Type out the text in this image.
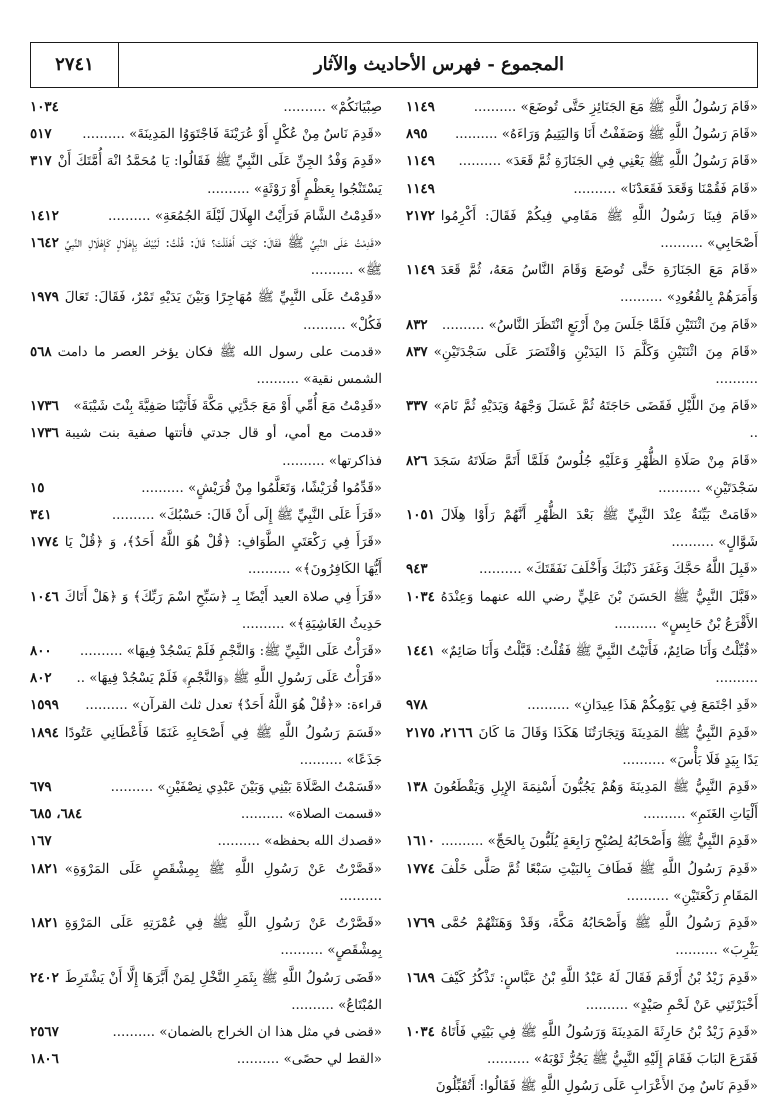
٢٧٤١	المجموع - فهرس الأحاديث والآثار

١١٤٩	«قَامَ رَسُولُ اللَّهِ ﷺ مَعَ الجَنَائِزِ حَتَّى تُوضَعَ» ..........

٨٩٥ «قَامَ رَسُولُ اللَّهِ ﷺ وَصَفَفْتُ أَنَا وَاليَتِيمُ وَرَاءَهُ» ..........

١١٤٩ «قَامَ رَسُولُ اللَّهِ ﷺ يَعْنِي فِي الجَنَازَةِ ثُمَّ قَعَدَ» ..........

١١٤٩	«قَامَ فَقُمْنَا وَقَعَدَ فَقَعَدْنَا» ..........

٢١٧٢ «قَامَ فِينَا رَسُولُ اللَّهِ ﷺ مَقَامِي فِيكُمْ فَقَالَ: أَكْرِمُوا أَصْحَابِي» ..........

١١٤٩ «قَامَ مَعَ الجَنَازَةِ حَتَّى تُوضَعَ وَقَامَ النَّاسُ مَعَهُ، ثُمَّ قَعَدَ وَأَمَرَهُمْ بِالقُعُودِ» ..........

٨٣٢ «قَامَ مِنَ اثْنَتَيْنِ فَلَمَّا جَلَسَ مِنْ أَرْبَعٍ انْتَظَرَ النَّاسُ» ..........

٨٣٧ «قَامَ مِنَ اثْنَتَيْنِ وَكَلَّمَ ذَا اليَدَيْنِ وَاقْتَصَرَ عَلَى سَجْدَتَيْنِ» ..........

٣٣٧ «قَامَ مِنَ اللَّيْلِ فَقَضَى حَاجَتَهُ ثُمَّ غَسَلَ وَجْهَهُ وَيَدَيْهِ ثُمَّ نَامَ» ..

٨٢٦ «قَامَ مِنْ صَلَاةِ الظُّهْرِ وَعَلَيْهِ جُلُوسٌ فَلَمَّا أَتَمَّ صَلَاتَهُ سَجَدَ سَجْدَتَيْنِ» ..........

١٠٥١ «قَامَتْ بَيِّنَةٌ عِنْدَ النَّبِيِّ ﷺ بَعْدَ الظُّهْرِ أَنَّهُمْ رَأَوْا هِلَالَ شَوَّالٍ» ..........

٩٤٣	«قَبِلَ اللَّهُ حَجَّكَ وَغَفَرَ ذَنْبَكَ وَأَخْلَفَ نَفَقَتَكَ» ..........

١٠٣٤ «قَبَّلَ النَّبِيُّ ﷺ الحَسَنَ بْنَ عَلِيٍّ رضي الله عنهما وَعِنْدَهُ الأَقْرَعُ بْنُ حَابِسٍ» ..........

١٤٤١ «قُبِّلْتُ وَأَنَا صَائِمٌ، فَأَتَيْتُ النَّبِيَّ ﷺ فَقُلْتُ: قَبَّلْتُ وَأَنَا صَائِمٌ» ..........

٩٧٨	«قَدِ اجْتَمَعَ فِي يَوْمِكُمْ هَذَا عِيدَانِ» ..........

٢١٦٦، ٢١٧٥ «قَدِمَ النَّبِيُّ ﷺ المَدِينَةَ وَتِجَارَتُنَا هَكَذَا وَقَالَ مَا كَانَ يَدًا بِيَدٍ فَلَا بَأْسَ» ..........

١٣٨ «قَدِمَ النَّبِيُّ ﷺ المَدِينَةَ وَهُمْ يَجُبُّونَ أَسْنِمَةَ الإِبِلِ وَيَقْطَعُونَ أَلْيَاتِ الغَنَمِ» ..........

١٦١٠ «قَدِمَ النَّبِيُّ ﷺ وَأَصْحَابُهُ لِصُبْحِ رَابِعَةٍ يُلَبُّونَ بِالحَجِّ» ..........

١٧٧٤ «قَدِمَ رَسُولُ اللَّهِ ﷺ فَطَافَ بِالبَيْتِ سَبْعًا ثُمَّ صَلَّى خَلْفَ المَقَامِ رَكْعَتَيْنِ» ..........

١٧٦٩ «قَدِمَ رَسُولُ اللَّهِ ﷺ وَأَصْحَابُهُ مَكَّةَ، وَقَدْ وَهَنَتْهُمْ حُمَّى يَثْرِبَ» ..........

١٦٨٩ «قَدِمَ زَيْدُ بْنُ أَرْقَمَ فَقَالَ لَهُ عَبْدُ اللَّهِ بْنُ عَبَّاسٍ: تَذْكُرُ كَيْفَ أَخْبَرْتَنِي عَنْ لَحْمِ صَيْدٍ» ..........

١٠٣٤ «قَدِمَ زَيْدُ بْنُ حَارِثَةَ المَدِينَةَ وَرَسُولُ اللَّهِ ﷺ فِي بَيْتِي فَأَتَاهُ فَقَرَعَ البَابَ فَقَامَ إِلَيْهِ النَّبِيُّ ﷺ يَجُرُّ ثَوْبَهُ» ..........

«قَدِمَ نَاسٌ مِنَ الأَعْرَابِ عَلَى رَسُولِ اللَّهِ ﷺ فَقَالُوا: أَتُقَبِّلُونَ

١٠٣٤	صِبْيَانَكُمْ» ..........

٥١٧ «قَدِمَ نَاسٌ مِنْ عُكْلٍ أَوْ عُرَيْنَةَ فَاجْتَوَوُا المَدِينَةَ» ..........

٣١٧ «قَدِمَ وَفْدُ الجِنِّ عَلَى النَّبِيِّ ﷺ فَقَالُوا: يَا مُحَمَّدُ انْهَ أُمَّتَكَ أَنْ يَسْتَنْجُوا بِعَظْمٍ أَوْ رَوْثَةٍ» ..........

١٤١٢	«قَدِمْتُ الشَّامَ فَرَأَيْتُ الهِلَالَ لَيْلَةَ الجُمُعَةِ» ..........

١٦٤٢ «قَدِمْتُ عَلَى النَّبِيِّ ﷺ فَقَالَ: كَيْفَ أَهْلَلْتَ؟ قَالَ: قُلْتُ: لَبَّيْكَ بِإِهْلَالٍ كَإِهْلَالِ النَّبِيِّ ﷺ» ..........

١٩٧٩ «قَدِمْتُ عَلَى النَّبِيِّ ﷺ مُهَاجِرًا وَبَيْنَ يَدَيْهِ تَمْرٌ، فَقَالَ: تَعَالَ فَكُلْ» ..........

٥٦٨ «قدمت على رسول الله ﷺ فكان يؤخر العصر ما دامت الشمس نقية» ..........

١٧٣٦ «قَدِمْتُ مَعَ أُمِّي أَوْ مَعَ جَدَّتِي مَكَّةَ فَأَتَيْنَا صَفِيَّةَ بِنْتَ شَيْبَةَ»

١٧٣٦ «قدمت مع أمي، أو قال جدتي فأتتها صفية بنت شيبة فذاكرتها» ..........

١٥	«قَدِّمُوا قُرَيْشًا، وَتَعَلَّمُوا مِنْ قُرَيْشٍ» ..........

٣٤١	«قَرَأَ عَلَى النَّبِيِّ ﷺ إِلَى أَنْ قَالَ: حَسْبُكَ» ..........

١٧٧٤ «قَرَأَ فِي رَكْعَتَيِ الطَّوَافِ: ﴿قُلْ هُوَ اللَّهُ أَحَدٌ﴾، وَ ﴿قُلْ يَا أَيُّهَا الكَافِرُونَ﴾» ..........

١٠٤٦ «قَرَأَ فِي صلاة العيد أَيْضًا بِـ ﴿سَبِّحِ اسْمَ رَبِّكَ﴾ وَ ﴿هَلْ أَتَاكَ حَدِيثُ الغَاشِيَةِ﴾» ..........

٨٠٠ «قَرَأْتُ عَلَى النَّبِيِّ ﷺ: وَالنَّجْمِ فَلَمْ يَسْجُدْ فِيهَا» ..........

٨٠٢ «قَرَأْتُ عَلَى رَسُولِ اللَّهِ ﷺ ﴿وَالنَّجْمِ﴾ فَلَمْ يَسْجُدْ فِيهَا» ..

١٥٩٩ قراءة: «﴿قُلْ هُوَ اللَّهُ أَحَدٌ﴾ تعدل ثلث القرآن» ..........

١٨٩٤ «قَسَمَ رَسُولُ اللَّهِ ﷺ فِي أَصْحَابِهِ غَنَمًا فَأَعْطَانِي عَتُودًا جَذَعًا» ..........

٦٧٩	«قَسَمْتُ الصَّلَاةَ بَيْنِي وَبَيْنَ عَبْدِي نِصْفَيْنِ» ..........

٦٨٤، ٦٨٥	«قسمت الصلاة» ..........

١٦٧	«قصدك الله بحفظه» ..........

١٨٢١ «قَصَّرْتُ عَنْ رَسُولِ اللَّهِ ﷺ بِمِشْقَصٍ عَلَى المَرْوَةِ» ..........

١٨٢١ «قَصَّرْتُ عَنْ رَسُولِ اللَّهِ ﷺ فِي عُمْرَتِهِ عَلَى المَرْوَةِ بِمِشْقَصٍ» ..........

٢٤٠٢ «قَضَى رَسُولُ اللَّهِ ﷺ بِثَمَرِ النَّخْلِ لِمَنْ أَبَّرَهَا إِلَّا أَنْ يَشْتَرِطَ المُبْتَاعُ» ..........

٢٥٦٧	«قضى في مثل هذا ان الخراج بالضمان» ..........

١٨٠٦	«القط لي حصًى» ..........
